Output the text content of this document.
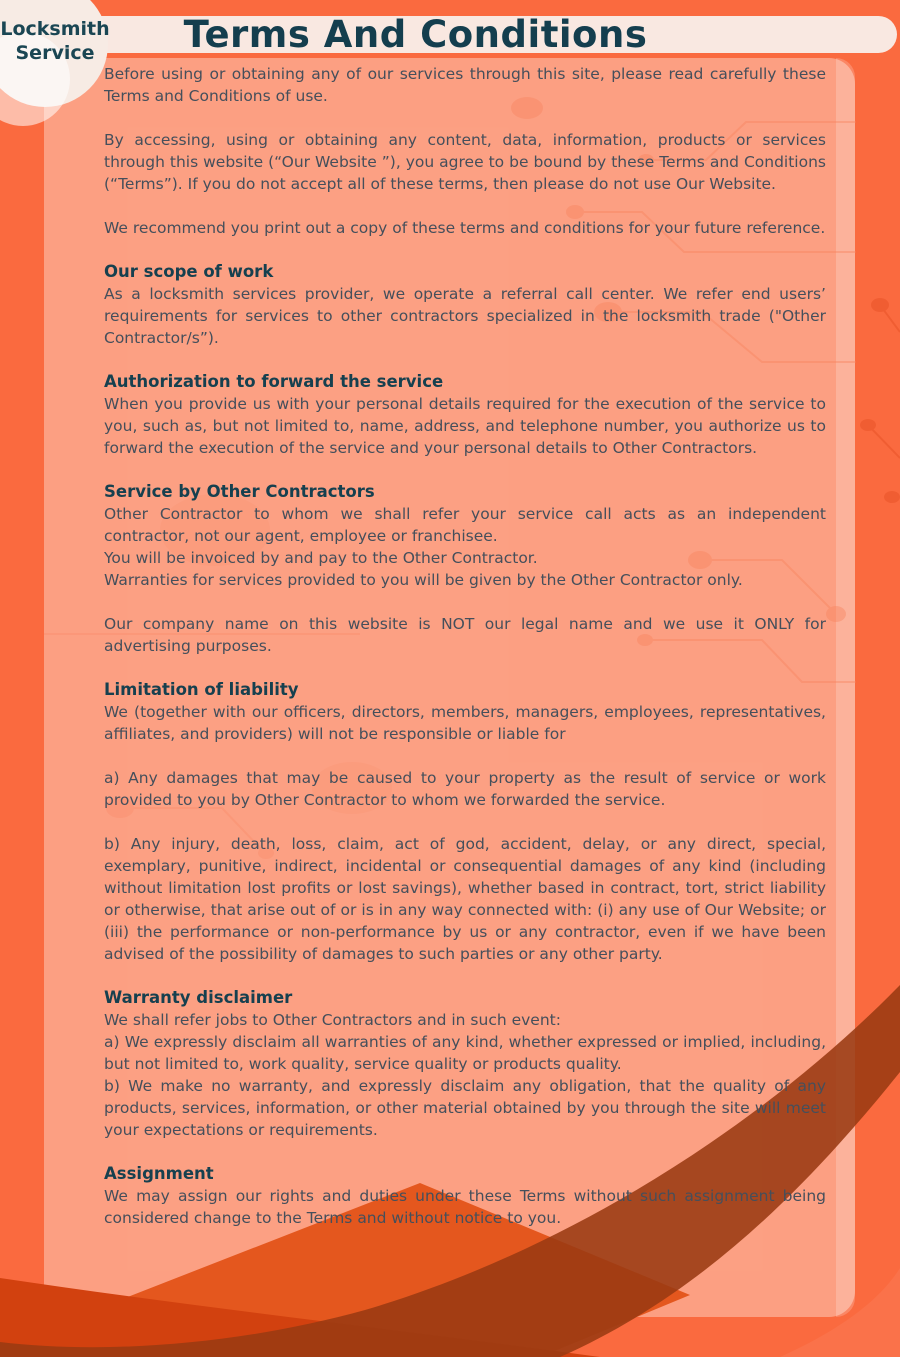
Terms And Conditions
Locksmith
Service

Before using or obtaining any of our services through this site, please read carefully these Terms and Conditions of use.

By accessing, using or obtaining any content, data, information, products or services through this website (“Our Website ”), you agree to be bound by these Terms and Conditions (“Terms”). If you do not accept all of these terms, then please do not use Our Website.

We recommend you print out a copy of these terms and conditions for your future reference.

Our scope of work

As a locksmith services provider, we operate a referral call center. We refer end users’ requirements for services to other contractors specialized in the locksmith trade ("Other Contractor/s”).

Authorization to forward the service

When you provide us with your personal details required for the execution of the service to you, such as, but not limited to, name, address, and telephone number, you authorize us to forward the execution of the service and your personal details to Other Contractors.

Service by Other Contractors

Other Contractor to whom we shall refer your service call acts as an independent contractor, not our agent, employee or franchisee.
You will be invoiced by and pay to the Other Contractor.
Warranties for services provided to you will be given by the Other Contractor only.

Our company name on this website is NOT our legal name and we use it ONLY for advertising purposes.

Limitation of liability

We (together with our officers, directors, members, managers, employees, representatives, affiliates, and providers) will not be responsible or liable for

a) Any damages that may be caused to your property as the result of service or work provided to you by Other Contractor to whom we forwarded the service.

b) Any injury, death, loss, claim, act of god, accident, delay, or any direct, special, exemplary, punitive, indirect, incidental or consequential damages of any kind (including without limitation lost profits or lost savings), whether based in contract, tort, strict liability or otherwise, that arise out of or is in any way connected with: (i) any use of Our Website; or (iii) the performance or non-performance by us or any contractor, even if we have been advised of the possibility of damages to such parties or any other party.

Warranty disclaimer

We shall refer jobs to Other Contractors and in such event:
a) We expressly disclaim all warranties of any kind, whether expressed or implied, including, but not limited to, work quality, service quality or products quality.
b) We make no warranty, and expressly disclaim any obligation, that the quality of any products, services, information, or other material obtained by you through the site will meet your expectations or requirements.

Assignment

We may assign our rights and duties under these Terms without such assignment being considered change to the Terms and without notice to you.
